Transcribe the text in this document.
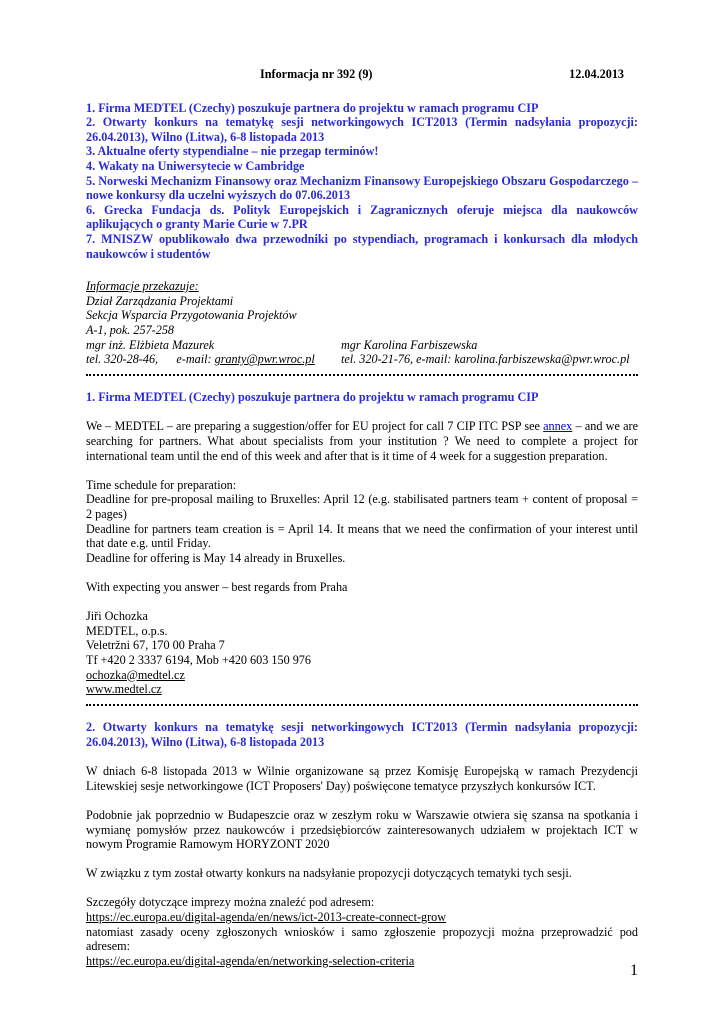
Informacja nr 392 (9)	12.04.2013
1. Firma MEDTEL (Czechy) poszukuje partnera do projektu w ramach programu CIP
2. Otwarty konkurs na tematykę sesji networkingowych ICT2013 (Termin nadsyłania propozycji: 26.04.2013), Wilno (Litwa), 6-8 listopada 2013
3. Aktualne oferty stypendialne – nie przegap terminów!
4. Wakaty na Uniwersytecie w Cambridge
5. Norweski Mechanizm Finansowy oraz Mechanizm Finansowy Europejskiego Obszaru Gospodarczego – nowe konkursy dla uczelni wyższych do 07.06.2013
6. Grecka Fundacja ds. Polityk Europejskich i Zagranicznych oferuje miejsca dla naukowców aplikujących o granty Marie Curie w 7.PR
7. MNISZW opublikowało dwa przewodniki po stypendiach, programach i konkursach dla młodych naukowców i studentów
Informacje przekazuje:
Dział Zarządzania Projektami
Sekcja Wsparcia Przygotowania Projektów
A-1, pok. 257-258
mgr inż. Elżbieta Mazurek	mgr Karolina Farbiszewska
tel. 320-28-46,      e-mail: granty@pwr.wroc.pl	tel. 320-21-76, e-mail: karolina.farbiszewska@pwr.wroc.pl
1. Firma MEDTEL (Czechy) poszukuje partnera do projektu w ramach programu CIP

We – MEDTEL – are preparing a suggestion/offer for EU project for call 7 CIP ITC PSP see annex – and we are searching for partners. What about specialists from your institution ? We need to complete a project for international team until the end of this week and after that is it time of 4 week for a suggestion preparation.

Time schedule for preparation:

Deadline for pre-proposal mailing to Bruxelles: April 12 (e.g. stabilisated partners team + content of proposal = 2 pages)

Deadline for partners team creation is = April 14. It means that we need the confirmation of your interest until that date e.g. until Friday.

Deadline for offering is May 14 already in Bruxelles.

With expecting you answer – best regards from Praha

Jiři Ochozka

MEDTEL, o.p.s.

Veletržni 67, 170 00 Praha 7

Tf +420 2 3337 6194, Mob +420 603 150 976

ochozka@medtel.cz

www.medtel.cz

2. Otwarty konkurs na tematykę sesji networkingowych ICT2013 (Termin nadsyłania propozycji: 26.04.2013), Wilno (Litwa), 6-8 listopada 2013

W dniach 6-8 listopada 2013 w Wilnie organizowane są przez Komisję Europejską w ramach Prezydencji Litewskiej sesje networkingowe (ICT Proposers' Day) poświęcone tematyce przyszłych konkursów ICT.

Podobnie jak poprzednio w Budapeszcie oraz w zeszłym roku w Warszawie otwiera się szansa na spotkania i wymianę pomysłów przez naukowców i przedsiębiorców zainteresowanych udziałem w projektach ICT w nowym Programie Ramowym HORYZONT 2020

W związku z tym został otwarty konkurs na nadsyłanie propozycji dotyczących tematyki tych sesji.

Szczegóły dotyczące imprezy można znaleźć pod adresem:

https://ec.europa.eu/digital-agenda/en/news/ict-2013-create-connect-grow

natomiast zasady oceny zgłoszonych wniosków i samo zgłoszenie propozycji można przeprowadzić pod adresem:

https://ec.europa.eu/digital-agenda/en/networking-selection-criteria

1
